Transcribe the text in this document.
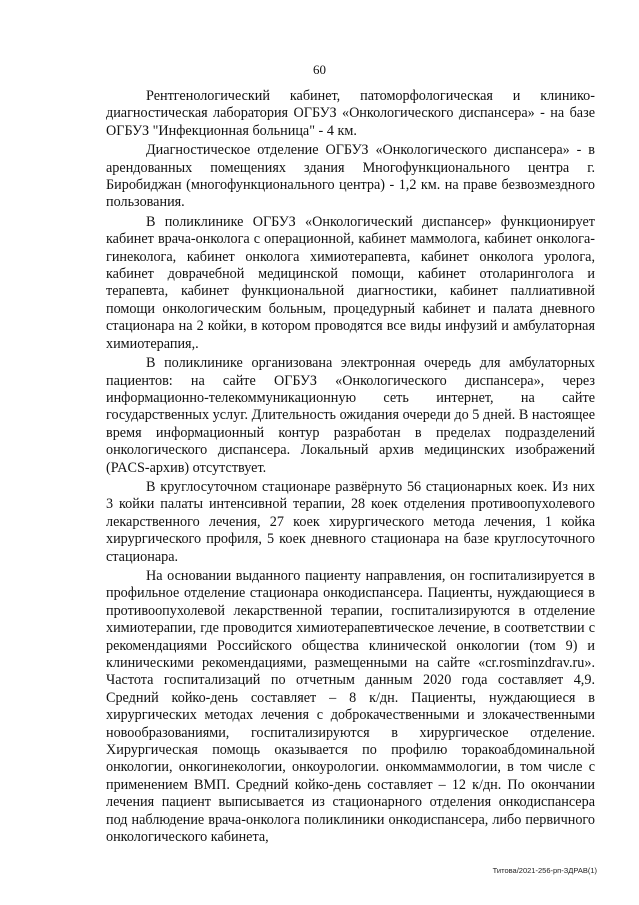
60

Рентгенологический кабинет, патоморфологическая и клинико-диагностическая лаборатория ОГБУЗ «Онкологического диспансера» - на базе ОГБУЗ "Инфекционная больница" - 4 км.

Диагностическое отделение ОГБУЗ «Онкологического диспансера» - в арендованных помещениях здания Многофункционального центра г. Биробиджан (многофункционального центра) - 1,2 км. на праве безвозмездного пользования.

В поликлинике ОГБУЗ «Онкологический диспансер» функционирует кабинет врача-онколога с операционной, кабинет маммолога, кабинет онколога-гинеколога, кабинет онколога химиотерапевта, кабинет онколога уролога, кабинет доврачебной медицинской помощи, кабинет отоларинголога и терапевта, кабинет функциональной диагностики, кабинет паллиативной помощи онкологическим больным, процедурный кабинет и палата дневного стационара на 2 койки, в котором проводятся все виды инфузий и амбулаторная химиотерапия,.

В поликлинике организована электронная очередь для амбулаторных пациентов: на сайте ОГБУЗ «Онкологического диспансера», через информационно-телекоммуникационную сеть интернет, на сайте государственных услуг. Длительность ожидания очереди до 5 дней. В настоящее время информационный контур разработан в пределах подразделений онкологического диспансера. Локальный архив медицинских изображений (PACS-архив) отсутствует.

В круглосуточном стационаре развёрнуто 56 стационарных коек. Из них 3 койки палаты интенсивной терапии, 28 коек отделения противоопухолевого лекарственного лечения, 27 коек хирургического метода лечения, 1 койка хирургического профиля, 5 коек дневного стационара на базе круглосуточного стационара.

На основании выданного пациенту направления, он госпитализируется в профильное отделение стационара онкодиспансера. Пациенты, нуждающиеся в противоопухолевой лекарственной терапии, госпитализируются в отделение химиотерапии, где проводится химиотерапевтическое лечение, в соответствии с рекомендациями Российского общества клинической онкологии (том 9) и клиническими рекомендациями, размещенными на сайте «cr.rosminzdrav.ru». Частота госпитализаций по отчетным данным 2020 года составляет 4,9. Средний койко-день составляет – 8 к/дн. Пациенты, нуждающиеся в хирургических методах лечения с доброкачественными и злокачественными новообразованиями, госпитализируются в хирургическое отделение. Хирургическая помощь оказывается по профилю торакоабдоминальной онкологии, онкогинекологии, онкоурологии. онкоммаммологии, в том числе с применением ВМП. Средний койко-день составляет – 12 к/дн. По окончании лечения пациент выписывается из стационарного отделения онкодиспансера под наблюдение врача-онколога поликлиники онкодиспансера, либо первичного онкологического кабинета,

Титова/2021-256-рп-ЗДРАВ(1)
